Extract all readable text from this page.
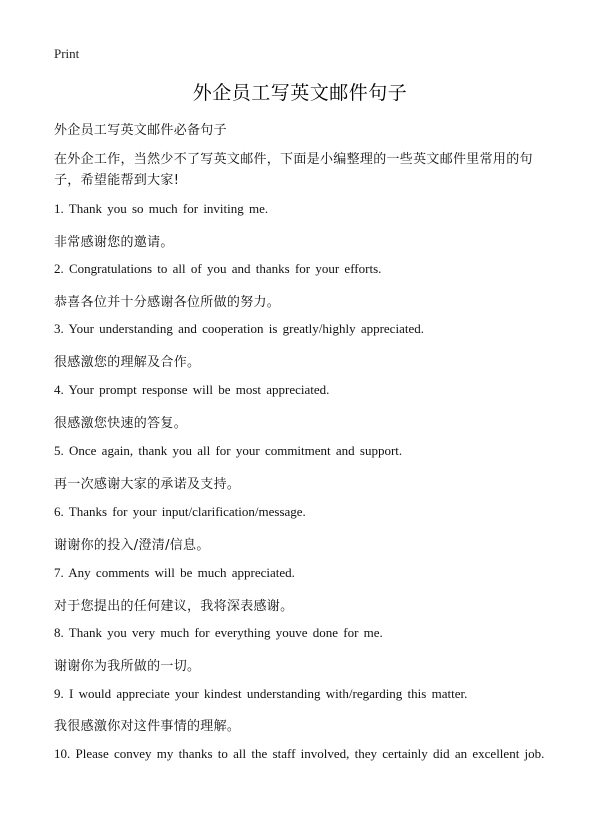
Print
外企员工写英文邮件句子
外企员工写英文邮件必备句子
在外企工作，当然少不了写英文邮件，下面是小编整理的一些英文邮件里常用的句子，希望能帮到大家!
1. Thank you so much for inviting me.
非常感谢您的邀请。
2. Congratulations to all of you and thanks for your efforts.
恭喜各位并十分感谢各位所做的努力。
3. Your understanding and cooperation is greatly/highly appreciated.
很感激您的理解及合作。
4. Your prompt response will be most appreciated.
很感激您快速的答复。
5. Once again, thank you all for your commitment and support.
再一次感谢大家的承诺及支持。
6. Thanks for your input/clarification/message.
谢谢你的投入/澄清/信息。
7. Any comments will be much appreciated.
对于您提出的任何建议，我将深表感谢。
8. Thank you very much for everything youve done for me.
谢谢你为我所做的一切。
9. I would appreciate your kindest understanding with/regarding this matter.
我很感激你对这件事情的理解。
10. Please convey my thanks to all the staff involved, they certainly did an excellent job.
